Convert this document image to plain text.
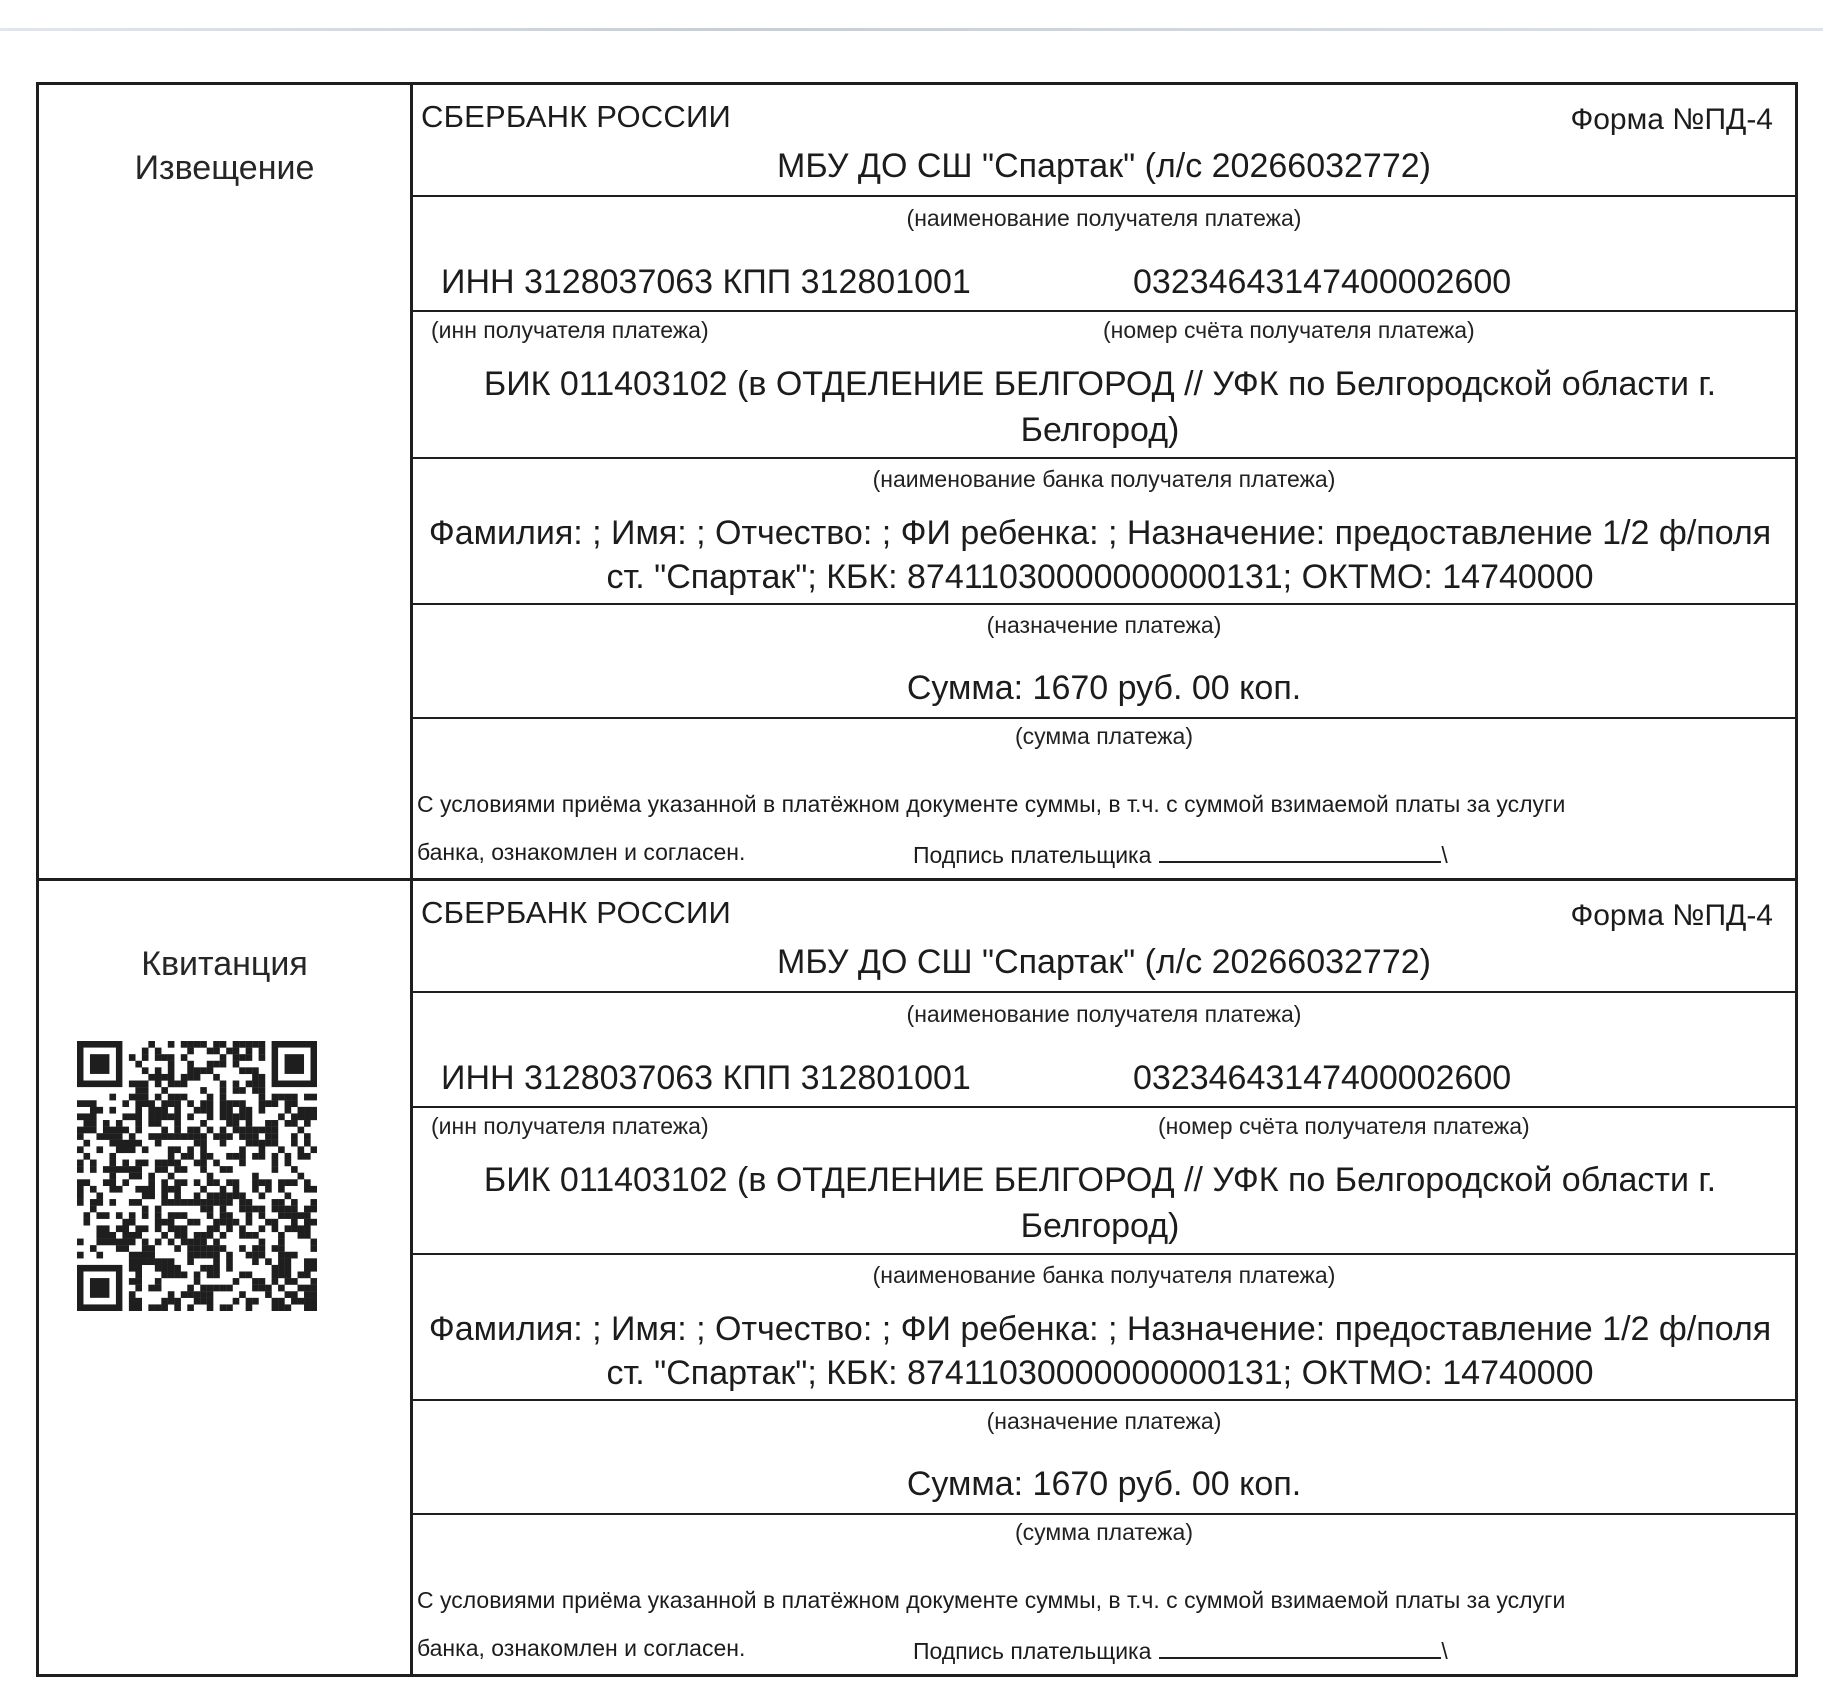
Извещение
СБЕРБАНК РОССИИ	Форма №ПД-4
МБУ ДО СШ "Спартак" (л/с 20266032772)
(наименование получателя платежа)
ИНН 3128037063 КПП 312801001	03234643147400002600
(инн получателя платежа)	(номер счёта получателя платежа)
БИК 011403102 (в ОТДЕЛЕНИЕ БЕЛГОРОД // УФК по Белгородской области г. Белгород)
(наименование банка получателя платежа)
Фамилия: ; Имя: ; Отчество: ; ФИ ребенка: ; Назначение: предоставление 1/2 ф/поля ст. "Спартак"; КБК: 87411030000000000131; ОКТМО: 14740000
(назначение платежа)
Сумма: 1670 руб. 00 коп.
(сумма платежа)
С условиями приёма указанной в платёжном документе суммы, в т.ч. с суммой взимаемой платы за услуги
банка, ознакомлен и согласен.	Подпись плательщика	\
Квитанция
СБЕРБАНК РОССИИ	Форма №ПД-4
МБУ ДО СШ "Спартак" (л/с 20266032772)
(наименование получателя платежа)
ИНН 3128037063 КПП 312801001	03234643147400002600
(инн получателя платежа)	(номер счёта получателя платежа)
БИК 011403102 (в ОТДЕЛЕНИЕ БЕЛГОРОД // УФК по Белгородской области г. Белгород)
(наименование банка получателя платежа)
Фамилия: ; Имя: ; Отчество: ; ФИ ребенка: ; Назначение: предоставление 1/2 ф/поля ст. "Спартак"; КБК: 87411030000000000131; ОКТМО: 14740000
(назначение платежа)
Сумма: 1670 руб. 00 коп.
(сумма платежа)
С условиями приёма указанной в платёжном документе суммы, в т.ч. с суммой взимаемой платы за услуги
банка, ознакомлен и согласен.	Подпись плательщика	\
